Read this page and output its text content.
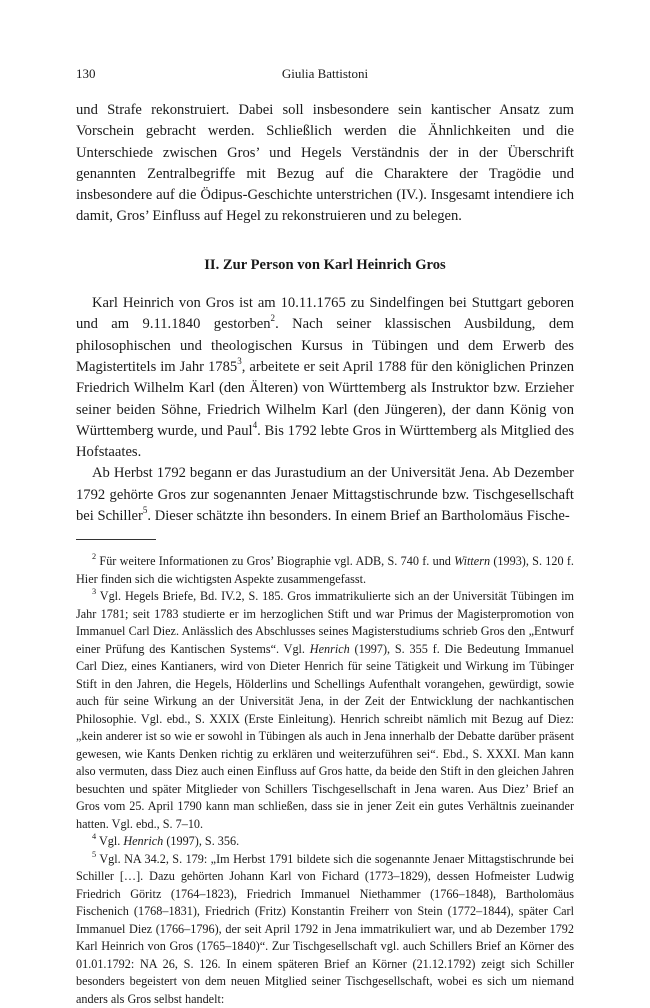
130	Giulia Battistoni

und Strafe rekonstruiert. Dabei soll insbesondere sein kantischer Ansatz zum Vorschein gebracht werden. Schließlich werden die Ähnlichkeiten und die Unterschiede zwischen Gros’ und Hegels Verständnis der in der Überschrift genannten Zentralbegriffe mit Bezug auf die Charaktere der Tragödie und insbesondere auf die Ödipus-Geschichte unterstrichen (IV.). Insgesamt intendiere ich damit, Gros’ Einfluss auf Hegel zu rekonstruieren und zu belegen.

II. Zur Person von Karl Heinrich Gros

Karl Heinrich von Gros ist am 10.11.1765 zu Sindelfingen bei Stuttgart geboren und am 9.11.1840 gestorben$^2$. Nach seiner klassischen Ausbildung, dem philosophischen und theologischen Kursus in Tübingen und dem Erwerb des Magistertitels im Jahr 1785$^3$, arbeitete er seit April 1788 für den königlichen Prinzen Friedrich Wilhelm Karl (den Älteren) von Württemberg als Instruktor bzw. Erzieher seiner beiden Söhne, Friedrich Wilhelm Karl (den Jüngeren), der dann König von Württemberg wurde, und Paul$^4$. Bis 1792 lebte Gros in Württemberg als Mitglied des Hofstaates.

Ab Herbst 1792 begann er das Jurastudium an der Universität Jena. Ab Dezember 1792 gehörte Gros zur sogenannten Jenaer Mittagstischrunde bzw. Tischgesellschaft bei Schiller$^5$. Dieser schätzte ihn besonders. In einem Brief an Bartholomäus Fische-

$^2$ Für weitere Informationen zu Gros’ Biographie vgl. ADB, S. 740 f. und Wittern (1993), S. 120 f. Hier finden sich die wichtigsten Aspekte zusammengefasst.

$^3$ Vgl. Hegels Briefe, Bd. IV.2, S. 185. Gros immatrikulierte sich an der Universität Tübingen im Jahr 1781; seit 1783 studierte er im herzoglichen Stift und war Primus der Magisterpromotion von Immanuel Carl Diez. Anlässlich des Abschlusses seines Magisterstudiums schrieb Gros den „Entwurf einer Prüfung des Kantischen Systems“. Vgl. Henrich (1997), S. 355 f. Die Bedeutung Immanuel Carl Diez, eines Kantianers, wird von Dieter Henrich für seine Tätigkeit und Wirkung im Tübinger Stift in den Jahren, die Hegels, Hölderlins und Schellings Aufenthalt vorangehen, gewürdigt, sowie auch für seine Wirkung an der Universität Jena, in der Zeit der Entwicklung der nachkantischen Philosophie. Vgl. ebd., S. XXIX (Erste Einleitung). Henrich schreibt nämlich mit Bezug auf Diez: „kein anderer ist so wie er sowohl in Tübingen als auch in Jena innerhalb der Debatte darüber präsent gewesen, wie Kants Denken richtig zu erklären und weiterzuführen sei“. Ebd., S. XXXI. Man kann also vermuten, dass Diez auch einen Einfluss auf Gros hatte, da beide den Stift in den gleichen Jahren besuchten und später Mitglieder von Schillers Tischgesellschaft in Jena waren. Aus Diez’ Brief an Gros vom 25. April 1790 kann man schließen, dass sie in jener Zeit ein gutes Verhältnis zueinander hatten. Vgl. ebd., S. 7–10.

$^4$ Vgl. Henrich (1997), S. 356.

$^5$ Vgl. NA 34.2, S. 179: „Im Herbst 1791 bildete sich die sogenannte Jenaer Mittagstischrunde bei Schiller […]. Dazu gehörten Johann Karl von Fichard (1773–1829), dessen Hofmeister Ludwig Friedrich Göritz (1764–1823), Friedrich Immanuel Niethammer (1766–1848), Bartholomäus Fischenich (1768–1831), Friedrich (Fritz) Konstantin Freiherr von Stein (1772–1844), später Carl Immanuel Diez (1766–1796), der seit April 1792 in Jena immatrikuliert war, und ab Dezember 1792 Karl Heinrich von Gros (1765–1840)“. Zur Tischgesellschaft vgl. auch Schillers Brief an Körner des 01.01.1792: NA 26, S. 126. In einem späteren Brief an Körner (21.12.1792) zeigt sich Schiller besonders begeistert von dem neuen Mitglied seiner Tischgesellschaft, wobei es sich um niemand anders als Gros selbst handelt:
